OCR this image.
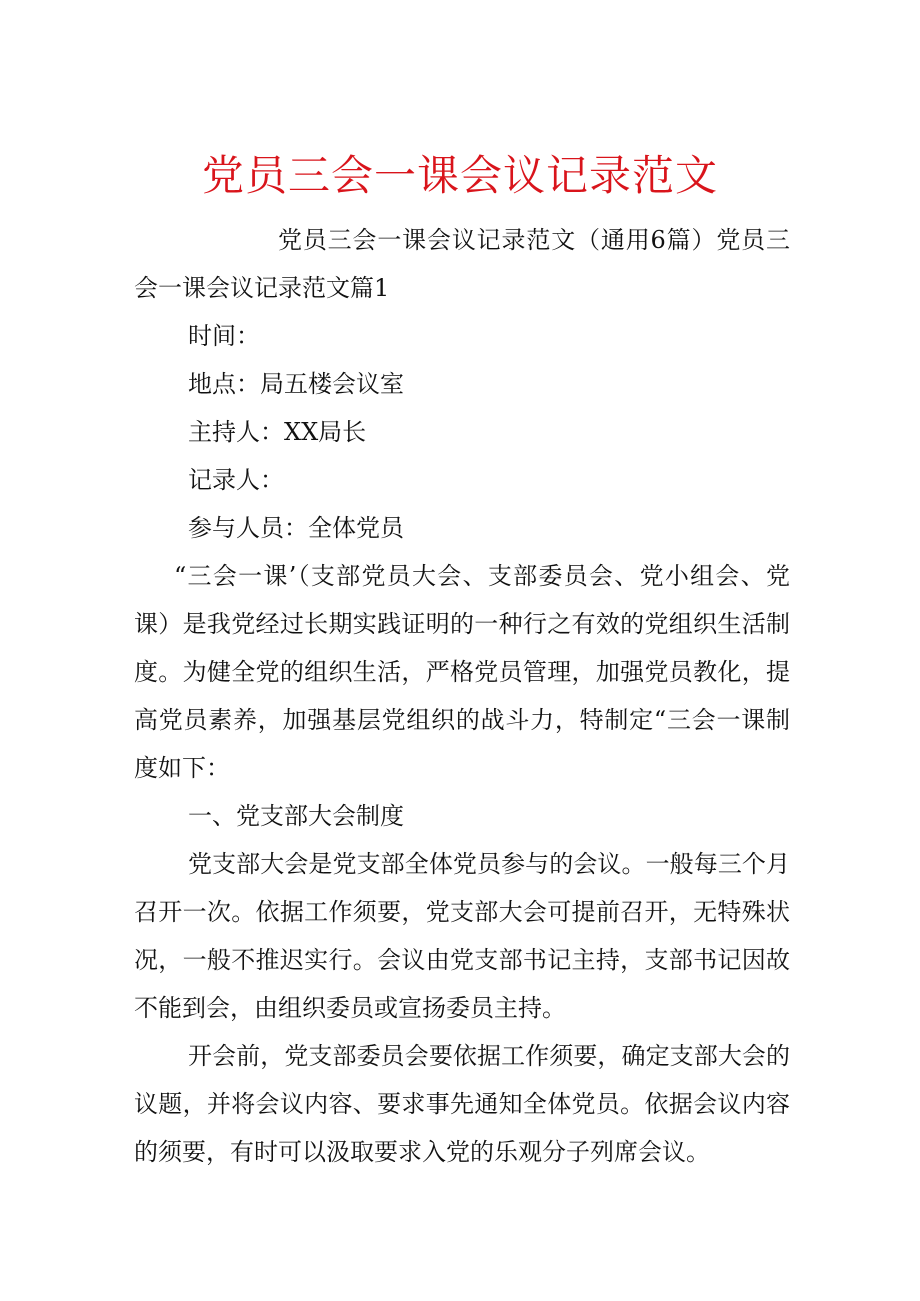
党员三会一课会议记录范文

党员三会一课会议记录范文（通用6篇）党员三会一课会议记录范文篇1

时间：

地点：局五楼会议室

主持人：XX局长

记录人：

参与人员：全体党员

“三会一课’（支部党员大会、支部委员会、党小组会、党课）是我党经过长期实践证明的一种行之有效的党组织生活制度。为健全党的组织生活，严格党员管理，加强党员教化，提高党员素养，加强基层党组织的战斗力，特制定“三会一课制度如下：

一、党支部大会制度

党支部大会是党支部全体党员参与的会议。一般每三个月召开一次。依据工作须要，党支部大会可提前召开，无特殊状况，一般不推迟实行。会议由党支部书记主持，支部书记因故不能到会，由组织委员或宣扬委员主持。

开会前，党支部委员会要依据工作须要，确定支部大会的议题，并将会议内容、要求事先通知全体党员。依据会议内容的须要，有时可以汲取要求入党的乐观分子列席会议。
